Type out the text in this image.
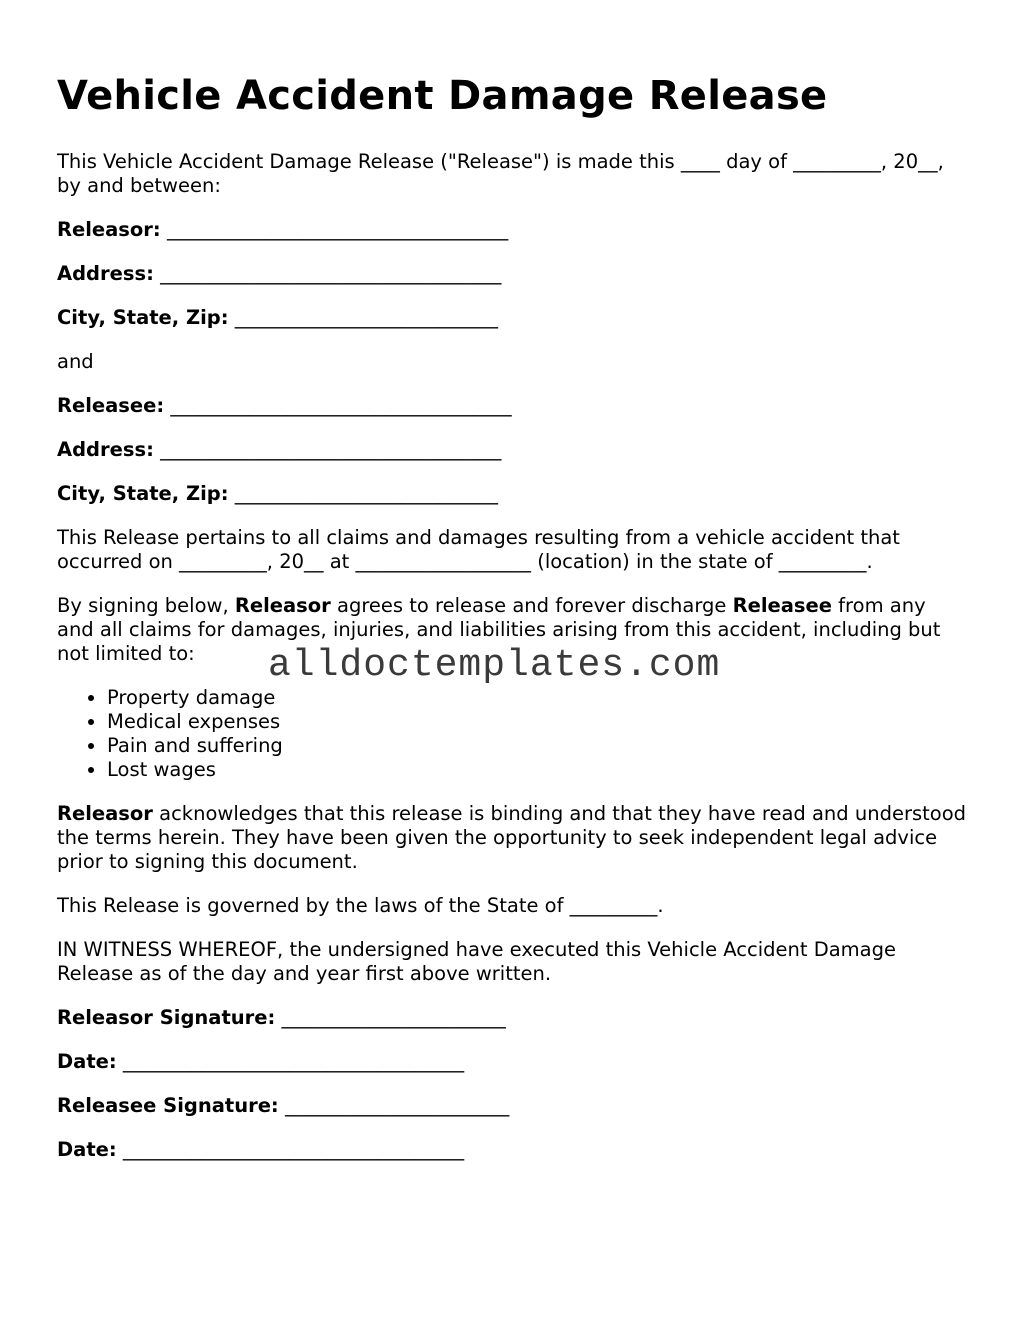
Vehicle Accident Damage Release

This Vehicle Accident Damage Release ("Release") is made this ____ day of _________, 20__, by and between:

Releasor: ___________________________________
Address: ___________________________________
City, State, Zip: ___________________________

and

Releasee: ___________________________________
Address: ___________________________________
City, State, Zip: ___________________________

This Release pertains to all claims and damages resulting from a vehicle accident that occurred on _________, 20__ at __________________ (location) in the state of _________.

By signing below, Releasor agrees to release and forever discharge Releasee from any and all claims for damages, injuries, and liabilities arising from this accident, including but not limited to:

• Property damage
• Medical expenses
• Pain and suffering
• Lost wages

Releasor acknowledges that this release is binding and that they have read and understood the terms herein. They have been given the opportunity to seek independent legal advice prior to signing this document.

This Release is governed by the laws of the State of _________.

IN WITNESS WHEREOF, the undersigned have executed this Vehicle Accident Damage Release as of the day and year first above written.

Releasor Signature: _______________________
Date: ___________________________________
Releasee Signature: _______________________
Date: ___________________________________
alldoctemplates.com
